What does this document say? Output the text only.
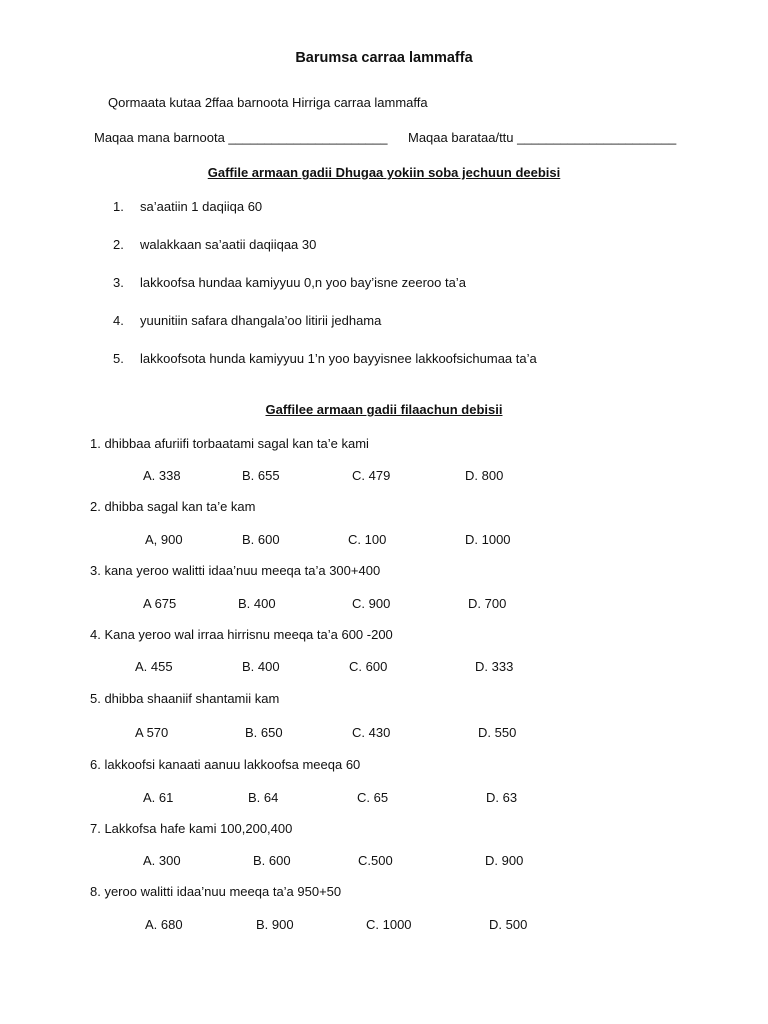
Barumsa carraa lammaffa
Qormaata kutaa 2ffaa barnoota Hirriga carraa lammaffa
Maqaa mana barnoota ______________________ Maqaa barataa/ttu ______________________
Gaffile armaan gadii Dhugaa yokiin soba jechuun deebisi
1. sa’aatiin 1 daqiiqa 60
2. walakkaan sa’aatii daqiiqaa 30
3. lakkoofsa hundaa kamiyyuu 0,n yoo bay’isne zeeroo ta’a
4. yuunitiin safara dhangala’oo litirii jedhama
5. lakkoofsota hunda kamiyyuu 1’n yoo bayyisnee lakkoofsichumaa ta’a
Gaffilee armaan gadii filaachun debisii
1. dhibbaa afuriifi torbaatami sagal kan ta’e kami
A. 338	B. 655	C. 479	D. 800
2. dhibba sagal kan ta’e kam
A, 900	B. 600	C. 100	D. 1000
3. kana yeroo walitti idaa’nuu meeqa ta’a 300+400
A 675	B. 400	C. 900	D. 700
4. Kana yeroo wal irraa hirrisnu meeqa ta’a 600 -200
A. 455	B. 400	C. 600	D. 333
5. dhibba shaaniif shantamii kam
A 570	B. 650	C. 430	D. 550
6. lakkoofsi kanaati aanuu lakkoofsa meeqa 60
A. 61	B. 64	C. 65	D. 63
7. Lakkofsa hafe kami 100,200,400
A. 300	B. 600	C.500	D. 900
8. yeroo walitti idaa’nuu meeqa ta’a 950+50
A. 680	B. 900	C. 1000	D. 500
